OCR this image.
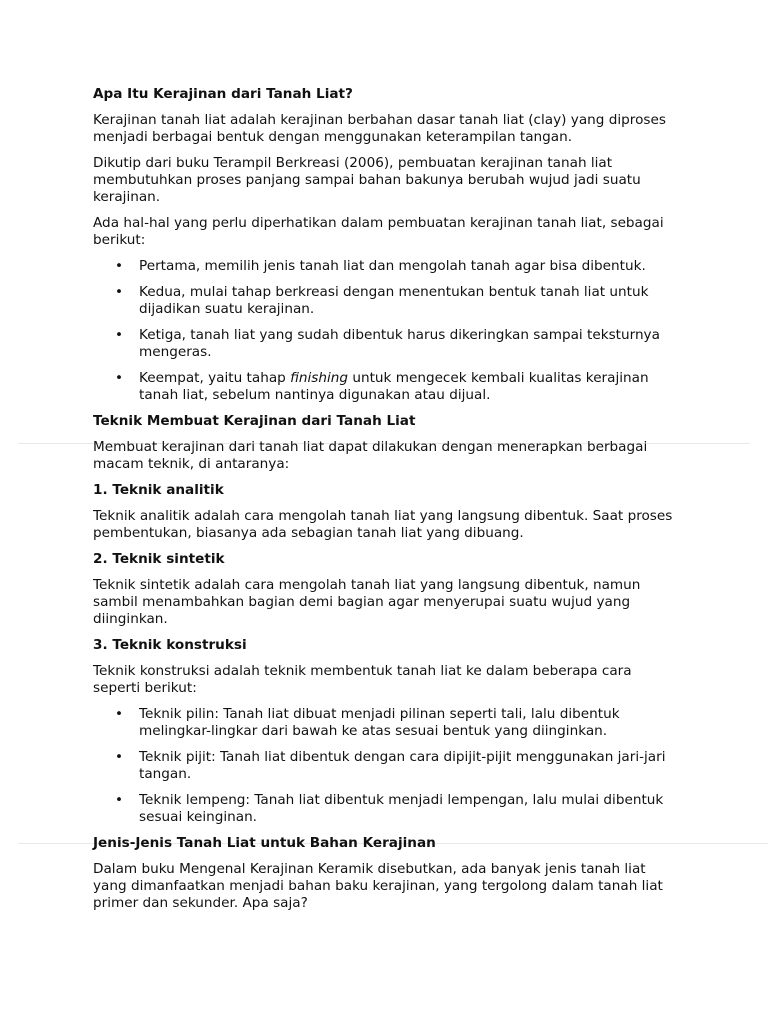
Apa Itu Kerajinan dari Tanah Liat?

Kerajinan tanah liat adalah kerajinan berbahan dasar tanah liat (clay) yang diproses menjadi berbagai bentuk dengan menggunakan keterampilan tangan.

Dikutip dari buku Terampil Berkreasi (2006), pembuatan kerajinan tanah liat membutuhkan proses panjang sampai bahan bakunya berubah wujud jadi suatu kerajinan.

Ada hal-hal yang perlu diperhatikan dalam pembuatan kerajinan tanah liat, sebagai berikut:

• Pertama, memilih jenis tanah liat dan mengolah tanah agar bisa dibentuk.
• Kedua, mulai tahap berkreasi dengan menentukan bentuk tanah liat untuk dijadikan suatu kerajinan.
• Ketiga, tanah liat yang sudah dibentuk harus dikeringkan sampai teksturnya mengeras.
• Keempat, yaitu tahap finishing untuk mengecek kembali kualitas kerajinan tanah liat, sebelum nantinya digunakan atau dijual.
Teknik Membuat Kerajinan dari Tanah Liat

Membuat kerajinan dari tanah liat dapat dilakukan dengan menerapkan berbagai macam teknik, di antaranya:

1. Teknik analitik

Teknik analitik adalah cara mengolah tanah liat yang langsung dibentuk. Saat proses pembentukan, biasanya ada sebagian tanah liat yang dibuang.

2. Teknik sintetik

Teknik sintetik adalah cara mengolah tanah liat yang langsung dibentuk, namun sambil menambahkan bagian demi bagian agar menyerupai suatu wujud yang diinginkan.

3. Teknik konstruksi

Teknik konstruksi adalah teknik membentuk tanah liat ke dalam beberapa cara seperti berikut:

• Teknik pilin: Tanah liat dibuat menjadi pilinan seperti tali, lalu dibentuk melingkar-lingkar dari bawah ke atas sesuai bentuk yang diinginkan.
• Teknik pijit: Tanah liat dibentuk dengan cara dipijit-pijit menggunakan jari-jari tangan.
• Teknik lempeng: Tanah liat dibentuk menjadi lempengan, lalu mulai dibentuk sesuai keinginan.
Jenis-Jenis Tanah Liat untuk Bahan Kerajinan

Dalam buku Mengenal Kerajinan Keramik disebutkan, ada banyak jenis tanah liat yang dimanfaatkan menjadi bahan baku kerajinan, yang tergolong dalam tanah liat primer dan sekunder. Apa saja?
